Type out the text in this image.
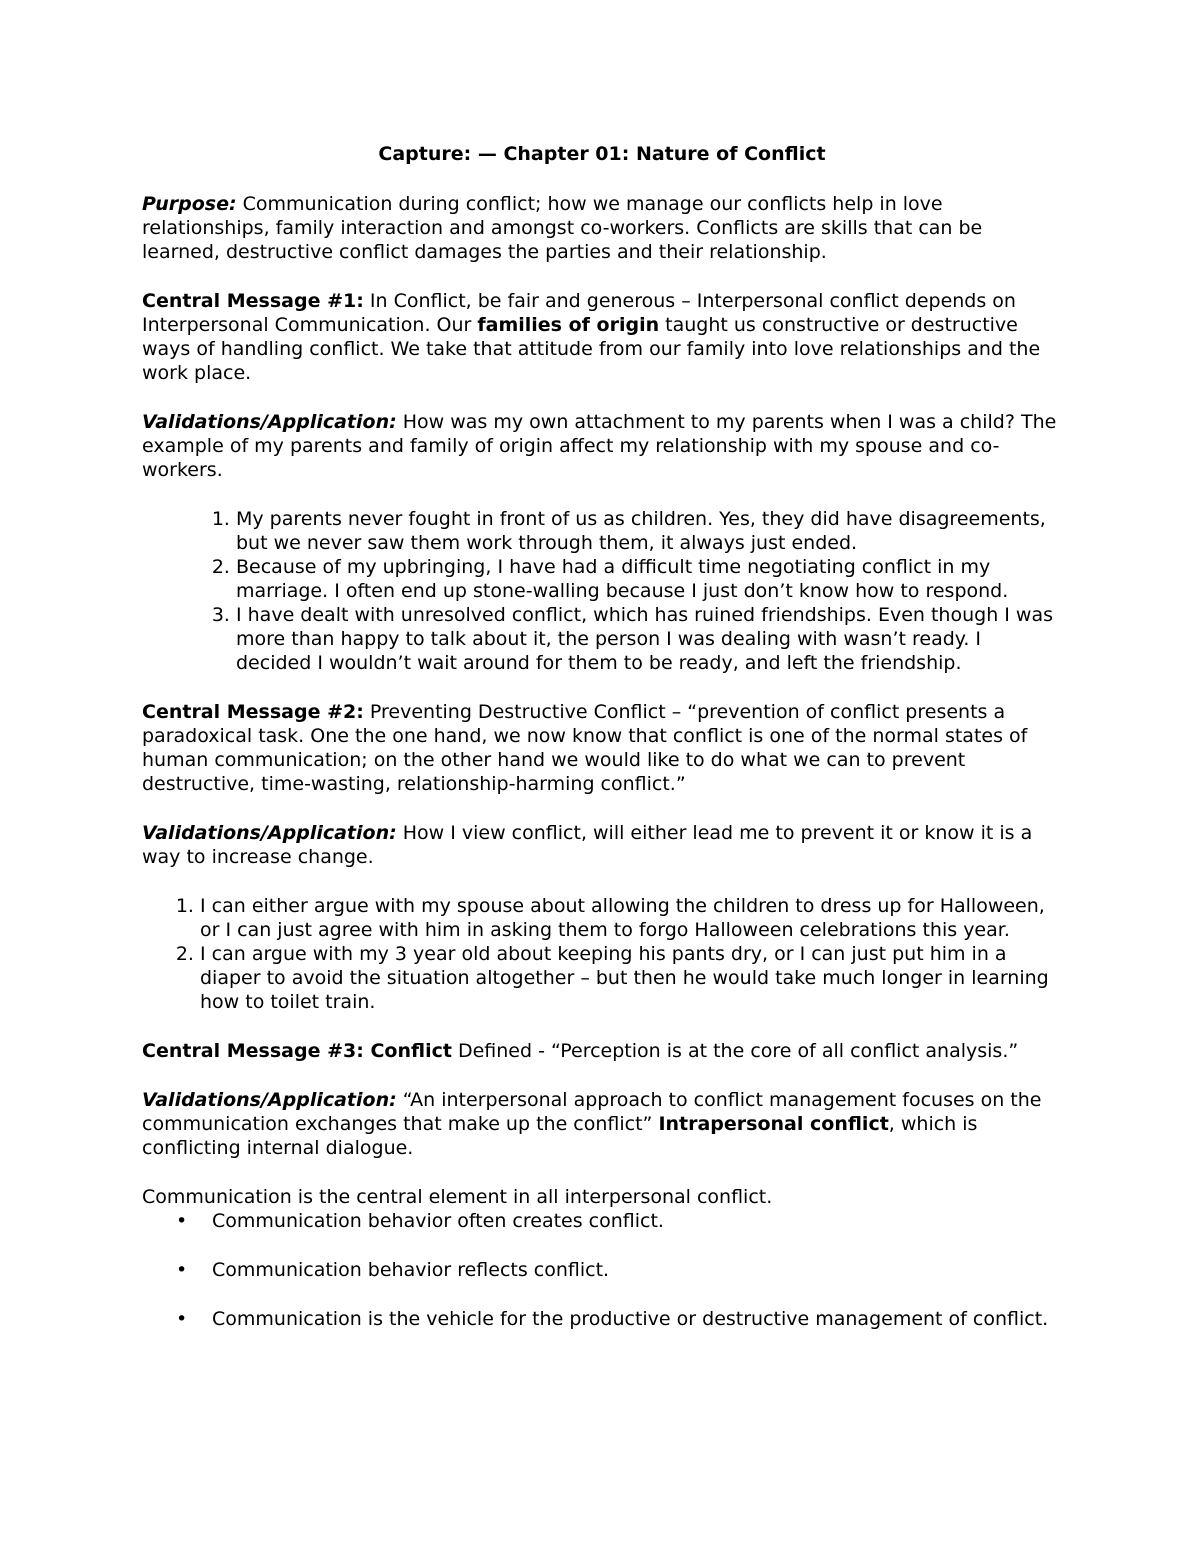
Capture: — Chapter 01: Nature of Conflict

Purpose: Communication during conflict; how we manage our conflicts help in love relationships, family interaction and amongst co-workers. Conflicts are skills that can be learned, destructive conflict damages the parties and their relationship.

Central Message #1: In Conflict, be fair and generous – Interpersonal conflict depends on Interpersonal Communication. Our families of origin taught us constructive or destructive ways of handling conflict. We take that attitude from our family into love relationships and the work place.

Validations/Application: How was my own attachment to my parents when I was a child? The example of my parents and family of origin affect my relationship with my spouse and co-workers.

1. My parents never fought in front of us as children. Yes, they did have disagreements, but we never saw them work through them, it always just ended.
2. Because of my upbringing, I have had a difficult time negotiating conflict in my marriage. I often end up stone-walling because I just don’t know how to respond.
3. I have dealt with unresolved conflict, which has ruined friendships. Even though I was more than happy to talk about it, the person I was dealing with wasn’t ready. I decided I wouldn’t wait around for them to be ready, and left the friendship.

Central Message #2: Preventing Destructive Conflict – “prevention of conflict presents a paradoxical task. One the one hand, we now know that conflict is one of the normal states of human communication; on the other hand we would like to do what we can to prevent destructive, time-wasting, relationship-harming conflict.”

Validations/Application: How I view conflict, will either lead me to prevent it or know it is a way to increase change.

1. I can either argue with my spouse about allowing the children to dress up for Halloween, or I can just agree with him in asking them to forgo Halloween celebrations this year.
2. I can argue with my 3 year old about keeping his pants dry, or I can just put him in a diaper to avoid the situation altogether – but then he would take much longer in learning how to toilet train.

Central Message #3: Conflict Defined - “Perception is at the core of all conflict analysis.”

Validations/Application: “An interpersonal approach to conflict management focuses on the communication exchanges that make up the conflict” Intrapersonal conflict, which is conflicting internal dialogue.

Communication is the central element in all interpersonal conflict.

• Communication behavior often creates conflict.
• Communication behavior reflects conflict.
• Communication is the vehicle for the productive or destructive management of conflict.
